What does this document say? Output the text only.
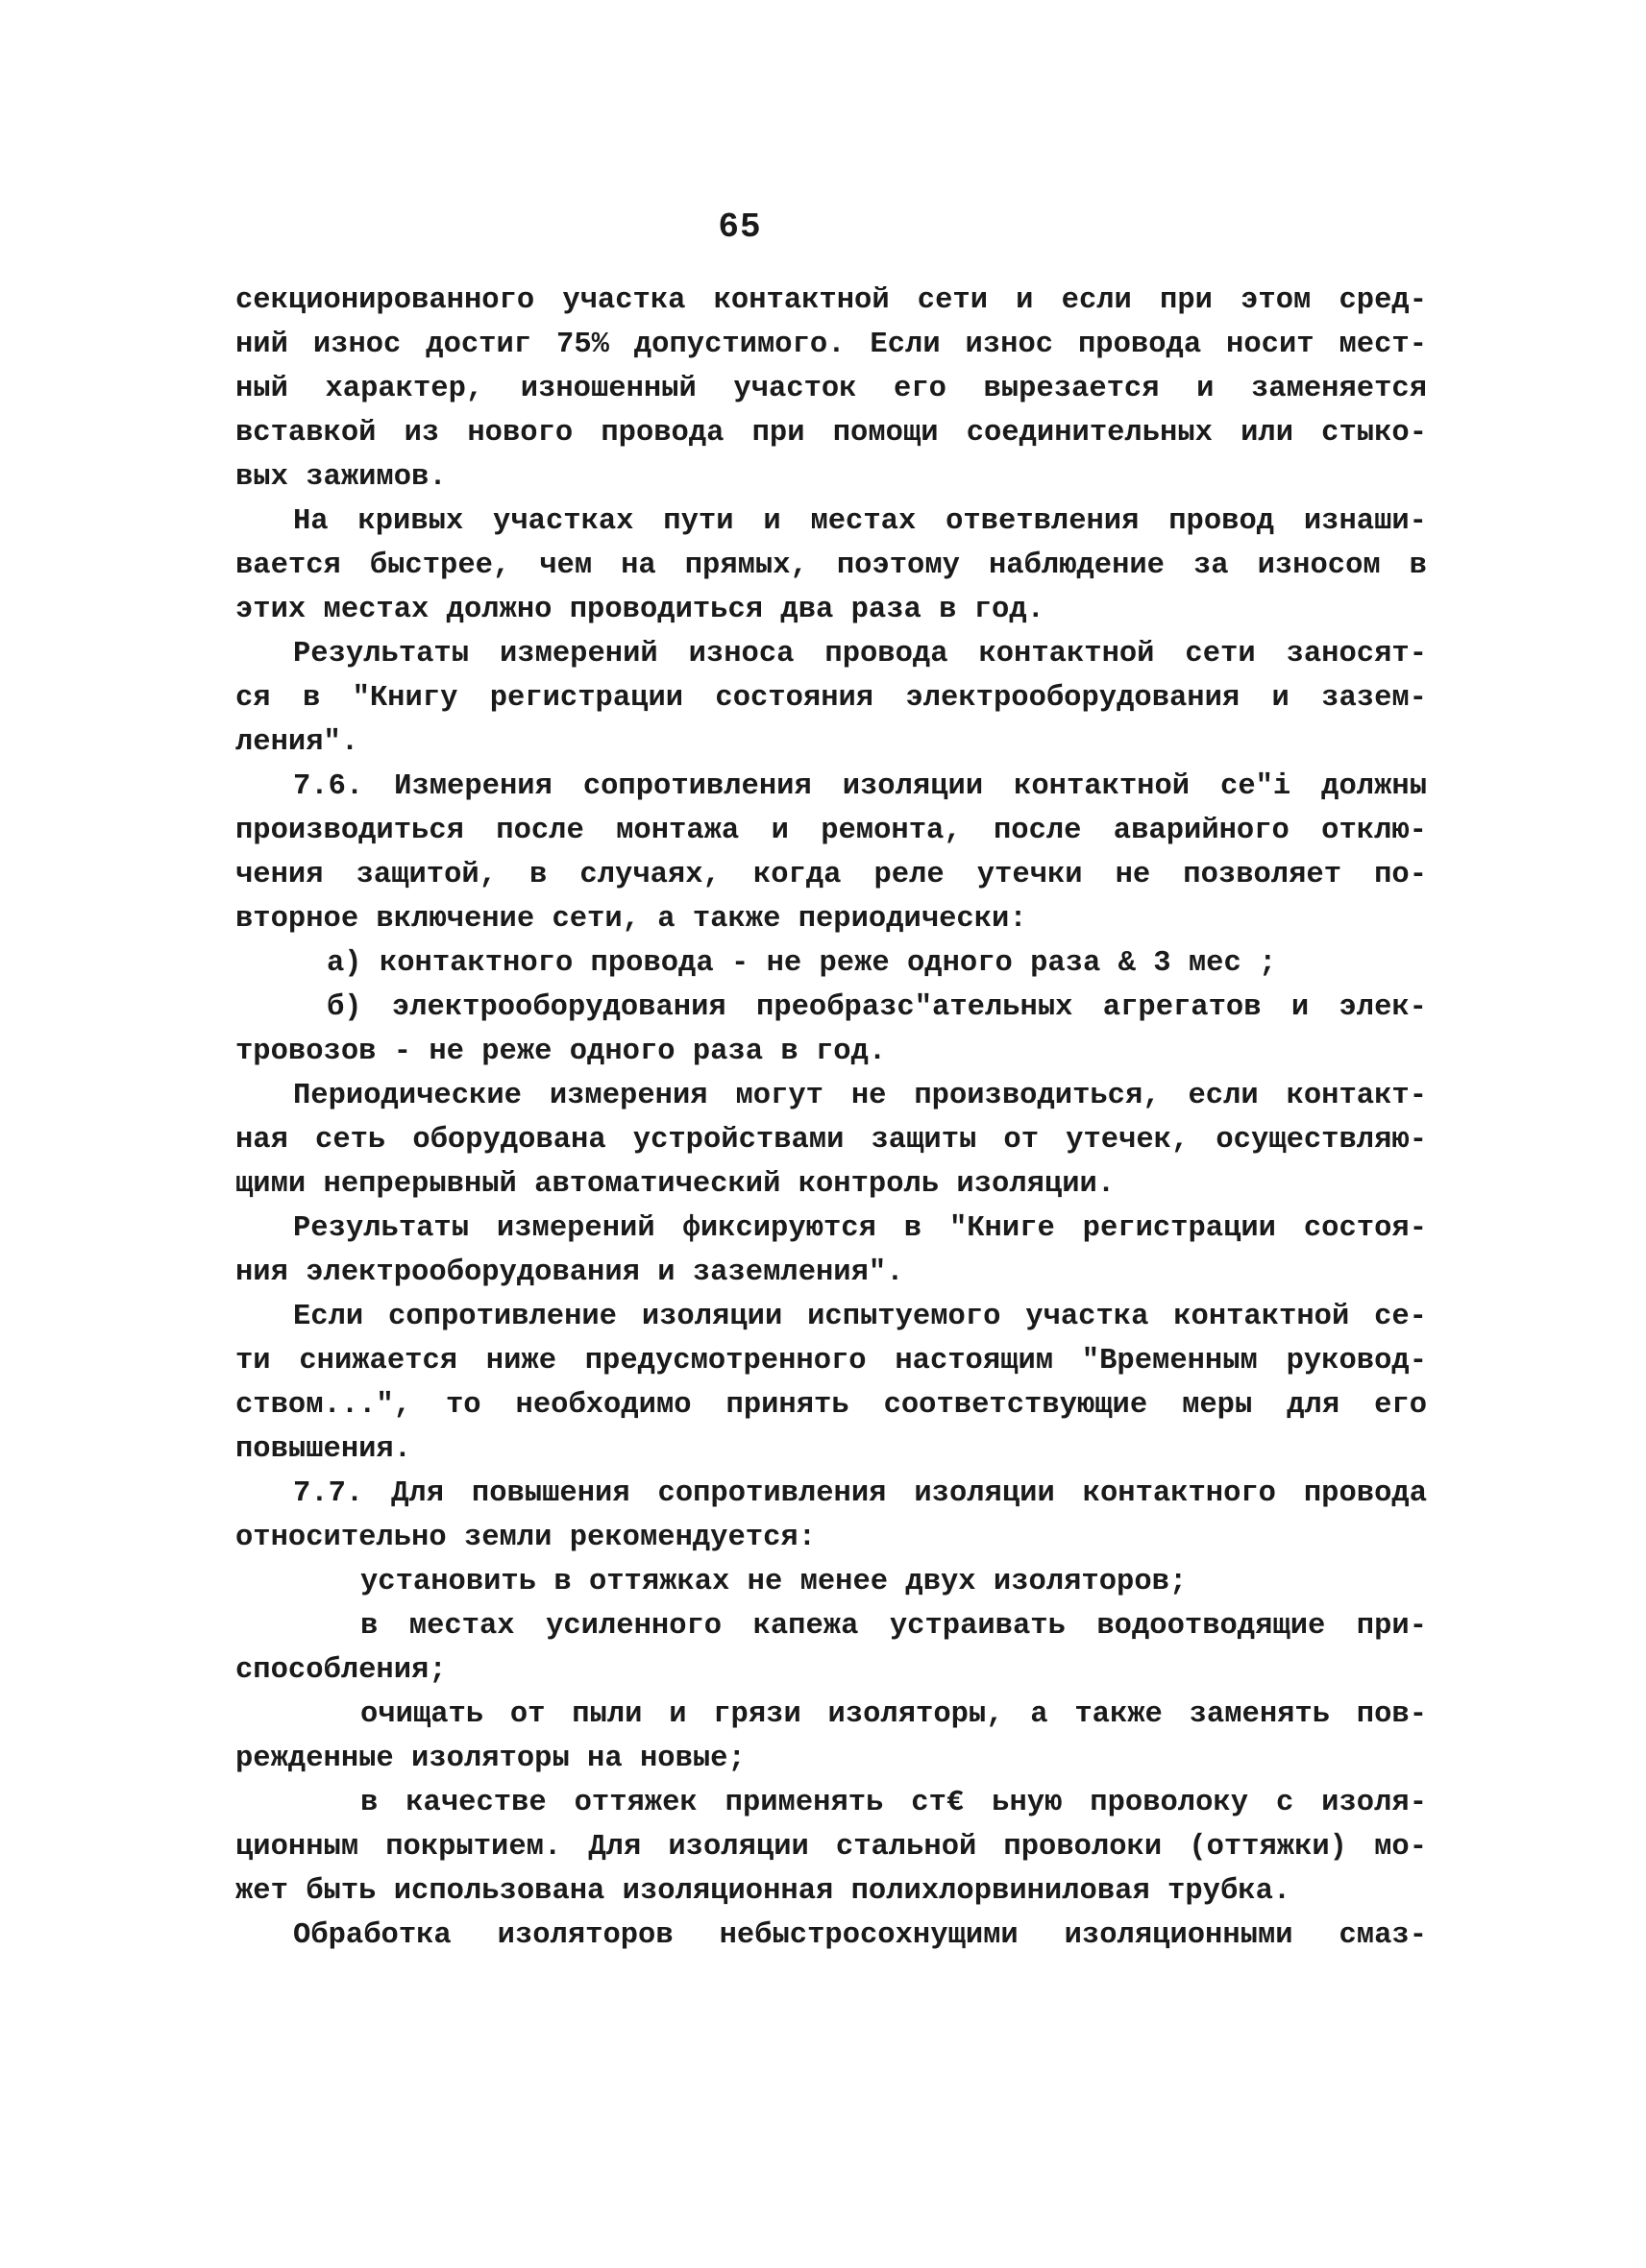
65
секционированного участка контактной сети и если при этом сред-
ний износ достиг 75% допустимого. Если износ провода носит мест-
ный характер, изношенный участок его вырезается и заменяется
вставкой из нового провода при помощи соединительных или стыко-
вых зажимов.
На кривых участках пути и местах ответвления провод изнаши-
вается быстрее, чем на прямых, поэтому наблюдение за износом в
этих местах должно проводиться два раза в год.
Результаты измерений износа провода контактной сети заносят-
ся в "Книгу регистрации состояния электрооборудования и зазем-
ления".
7.6. Измерения сопротивления изоляции контактной се"і должны
производиться после монтажа и ремонта, после аварийного отклю-
чения защитой, в случаях, когда реле утечки не позволяет по-
вторное включение сети, а также периодически:
а) контактного провода - не реже одного раза & 3 мес ;
б) электрооборудования преобразс"ательных агрегатов и элек-
тровозов - не реже одного раза в год.
Периодические измерения могут не производиться, если контакт-
ная сеть оборудована устройствами защиты от утечек, осуществляю-
щими непрерывный автоматический контроль изоляции.
Результаты измерений фиксируются в "Книге регистрации состоя-
ния электрооборудования и заземления".
Если сопротивление изоляции испытуемого участка контактной се-
ти снижается ниже предусмотренного настоящим "Временным руковод-
ством...", то необходимо принять соответствующие меры для его
повышения.
7.7. Для повышения сопротивления изоляции контактного провода
относительно земли рекомендуется:
установить в оттяжках не менее двух изоляторов;
в местах усиленного капежа устраивать водоотводящие при-
способления;
очищать от пыли и грязи изоляторы, а также заменять пов-
режденные изоляторы на новые;
в качестве оттяжек применять ст€ ьную проволоку с изоля-
ционным покрытием. Для изоляции стальной проволоки (оттяжки) мо-
жет быть использована изоляционная полихлорвиниловая трубка.
Обработка изоляторов небыстросохнущими изоляционными смаз-
